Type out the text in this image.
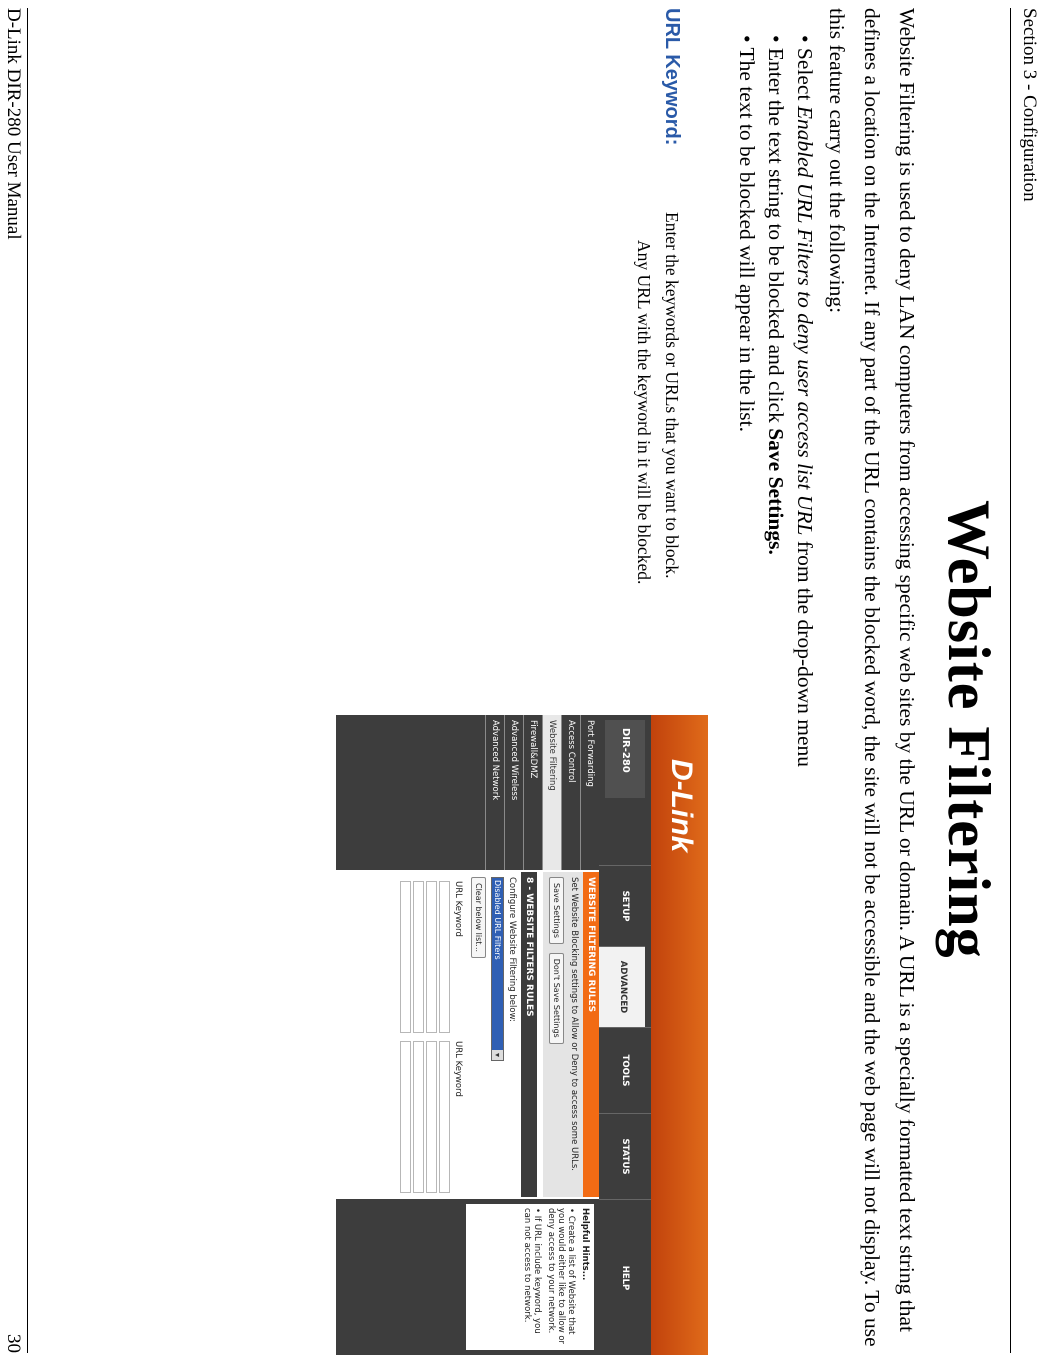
Section 3 - Configuration
Website Filtering
Website Filtering is used to deny LAN computers from accessing specific web sites by the URL or domain. A URL is a specially formatted text string that defines a location on the Internet. If any part of the URL contains the blocked word, the site will not be accessible and the web page will not display. To use this feature carry out the following:
• Select Enabled URL Filters to deny user access list URL from the drop-down menu
• Enter the text string to be blocked and click Save Settings.
• The text to be blocked will appear in the list.
URL Keyword:
Enter the keywords or URLs that you want to block.
Any URL with the keyword in it will be blocked.
D-Link
DIR-280
SETUP
ADVANCED
TOOLS
STATUS
HELP
Port Forwarding
Access Control
Website Filtering
Firewall&DMZ
Advanced Wireless
Advanced Network
WEBSITE FILTERING RULES
Set Website Blocking settings to Allow or Deny to access some URLs.
Save Settings Don't Save Settings
8 - WEBSITE FILTERS RULES
Configure Website Filtering below:
Disabled URL Filters
▾

Clear below list...
URL Keyword	URL Keyword

Helpful Hints...

• Create a list of Website that you would either like to allow or deny access to your network.

• If URL include keyword, you can not access to network.

D-Link DIR-280 User Manual
30
